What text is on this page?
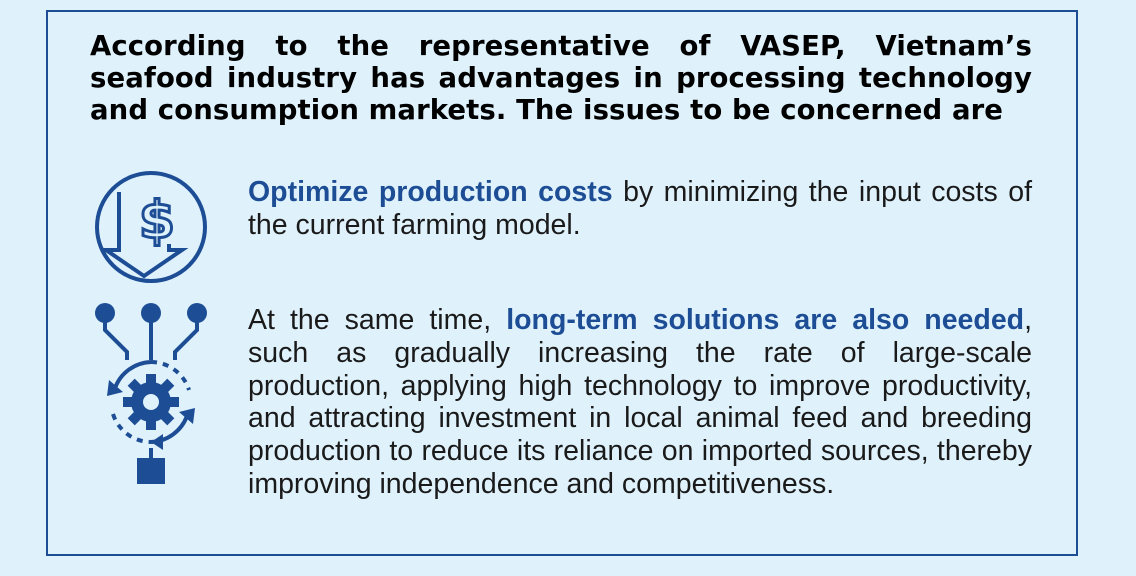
According to the representative of VASEP, Vietnam’s seafood industry has advantages in processing technology and consumption markets. The issues to be concerned are

$	Optimize production costs by minimizing the input costs of the current farming model.

At the same time, long-term solutions are also needed, such as gradually increasing the rate of large-scale production, applying high technology to improve productivity, and attracting investment in local animal feed and breeding production to reduce its reliance on imported sources, thereby improving independence and competitiveness.
